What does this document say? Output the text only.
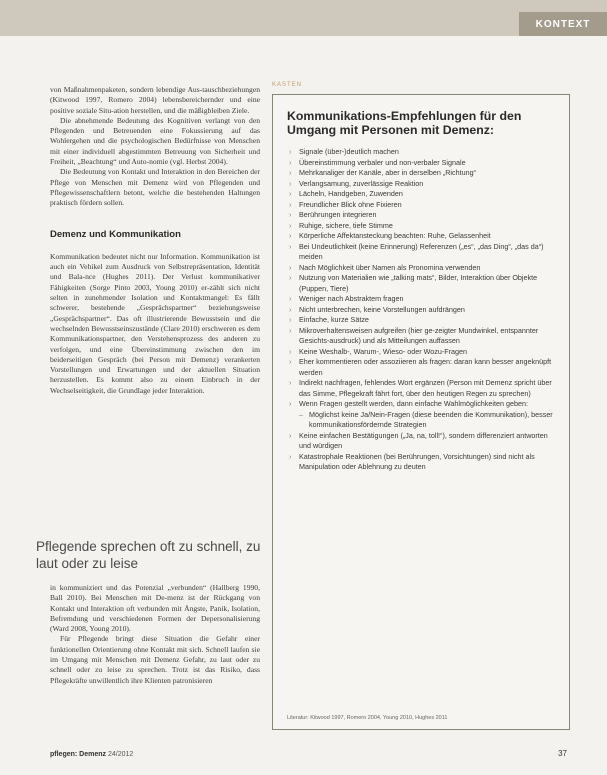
KONTEXT

von Maßnahmenpaketen, sondern lebendige Aus-tauschbeziehungen (Kitwood 1997, Romero 2004) lebensbereichernder und eine positive soziale Situ-ation herstellen, und die mäßigbleiben Ziele.

Die abnehmende Bedeutung des Kognitiven verlangt von den Pflegenden und Betreuenden eine Fokussierung auf das Wohlergehen und die psychologischen Bedürfnisse von Menschen mit einer individuell abgestimmten Betreuung von Sicherheit und Freiheit, „Beachtung“ und Auto-nomie (vgl. Herbst 2004).

Die Bedeutung von Kontakt und Interaktion in den Bereichen der Pflege von Menschen mit Demenz wird von Pflegenden und Pflegewissenschaftlern betont, welche die bestehenden Haltungen praktisch fördern sollen.

Demenz und Kommunikation

Kommunikation bedeutet nicht nur Information. Kommunikation ist auch ein Vehikel zum Ausdruck von Selbstrepräsentation, Identität und Bala-nce (Hughes 2011). Der Verlust kommunikativer Fähigkeiten (Sorge Pinto 2003, Young 2010) er-zählt sich nicht selten in zunehmender Isolation und Kontaktmangel: Es fällt schwerer, bestehende „Gesprächspartner“ beziehungsweise „Gesprächspartner“. Das oft illustrierende Bewusstsein und die wechselnden Bewusstseinszustände (Clare 2010) erschweren es dem Kommunikationspartner, den Verstehensprozess des anderen zu verfolgen, und eine Übereinstimmung zwischen den im beiderseitigen Gespräch (bei Person mit Demenz) verankerten Vorstellungen und Erwartungen und der aktuellen Situation herzustellen. Es kommt also zu einem Einbruch in der Wechselseitigkeit, die Grundlage jeder Interaktion.

Pflegende sprechen oft zu schnell, zu laut oder zu leise

in kommuniziert und das Potenzial „verbunden“ (Hallberg 1990, Ball 2010). Bei Menschen mit De-menz ist der Rückgang von Kontakt und Interaktion oft verbunden mit Ängste, Panik, Isolation, Befremdung und verschiedenen Formen der Depersonalisierung (Ward 2008, Young 2010).

Für Pflegende bringt diese Situation die Gefahr einer funktionellen Orientierung ohne Kontakt mit sich. Schnell laufen sie im Umgang mit Menschen mit Demenz Gefahr, zu laut oder zu schnell oder zu leise zu sprechen. Trotz ist das Risiko, dass Pflegekräfte unwillentlich ihre Klienten patronisieren

KASTEN
Kommunikations-Empfehlungen für den Umgang mit Personen mit Demenz:
› Signale (über-)deutlich machen
› Übereinstimmung verbaler und non-verbaler Signale
› Mehrkanaliger der Kanäle, aber in derselben „Richtung“
› Verlangsamung, zuverlässige Reaktion
› Lächeln, Handgeben, Zuwenden
› Freundlicher Blick ohne Fixieren
› Berührungen integrieren
› Ruhige, sichere, tiefe Stimme
› Körperliche Affektansteckung beachten: Ruhe, Gelassenheit
› Bei Undeutlichkeit (keine Erinnerung) Referenzen („es“, „das Ding“, „das da“) meiden
› Nach Möglichkeit über Namen als Pronomina verwenden
› Nutzung von Materialien wie „talking mats“, Bilder, Interaktion über Objekte (Puppen, Tiere)
› Weniger nach Abstraktem fragen
› Nicht unterbrechen, keine Vorstellungen aufdrängen
› Einfache, kurze Sätze
› Mikroverhaltensweisen aufgreifen (hier ge-zeigter Mundwinkel, entspannter Gesichts-ausdruck) und als Mitteilungen auffassen
› Keine Weshalb-, Warum-, Wieso- oder Wozu-Fragen
› Eher kommentieren oder assoziieren als fragen: daran kann besser angeknüpft werden
› Indirekt nachfragen, fehlendes Wort ergänzen (Person mit Demenz spricht über das Simme, Pflegekraft fährt fort, über den heutigen Regen zu sprechen)
› Wenn Fragen gestellt werden, dann einfache Wahlmöglichkeiten geben:
– Möglichst keine Ja/Nein-Fragen (diese beenden die Kommunikation), besser kommunikationsfördernde Strategien
› Keine einfachen Bestätigungen („Ja, na, toll!“), sondern differenziert antworten und würdigen
› Katastrophale Reaktionen (bei Berührungen, Vorsichtungen) sind nicht als Manipulation oder Ablehnung zu deuten
Literatur: Kitwood 1997, Romero 2004, Young 2010, Hughes 2011
pflegen: Demenz 24/2012	37
